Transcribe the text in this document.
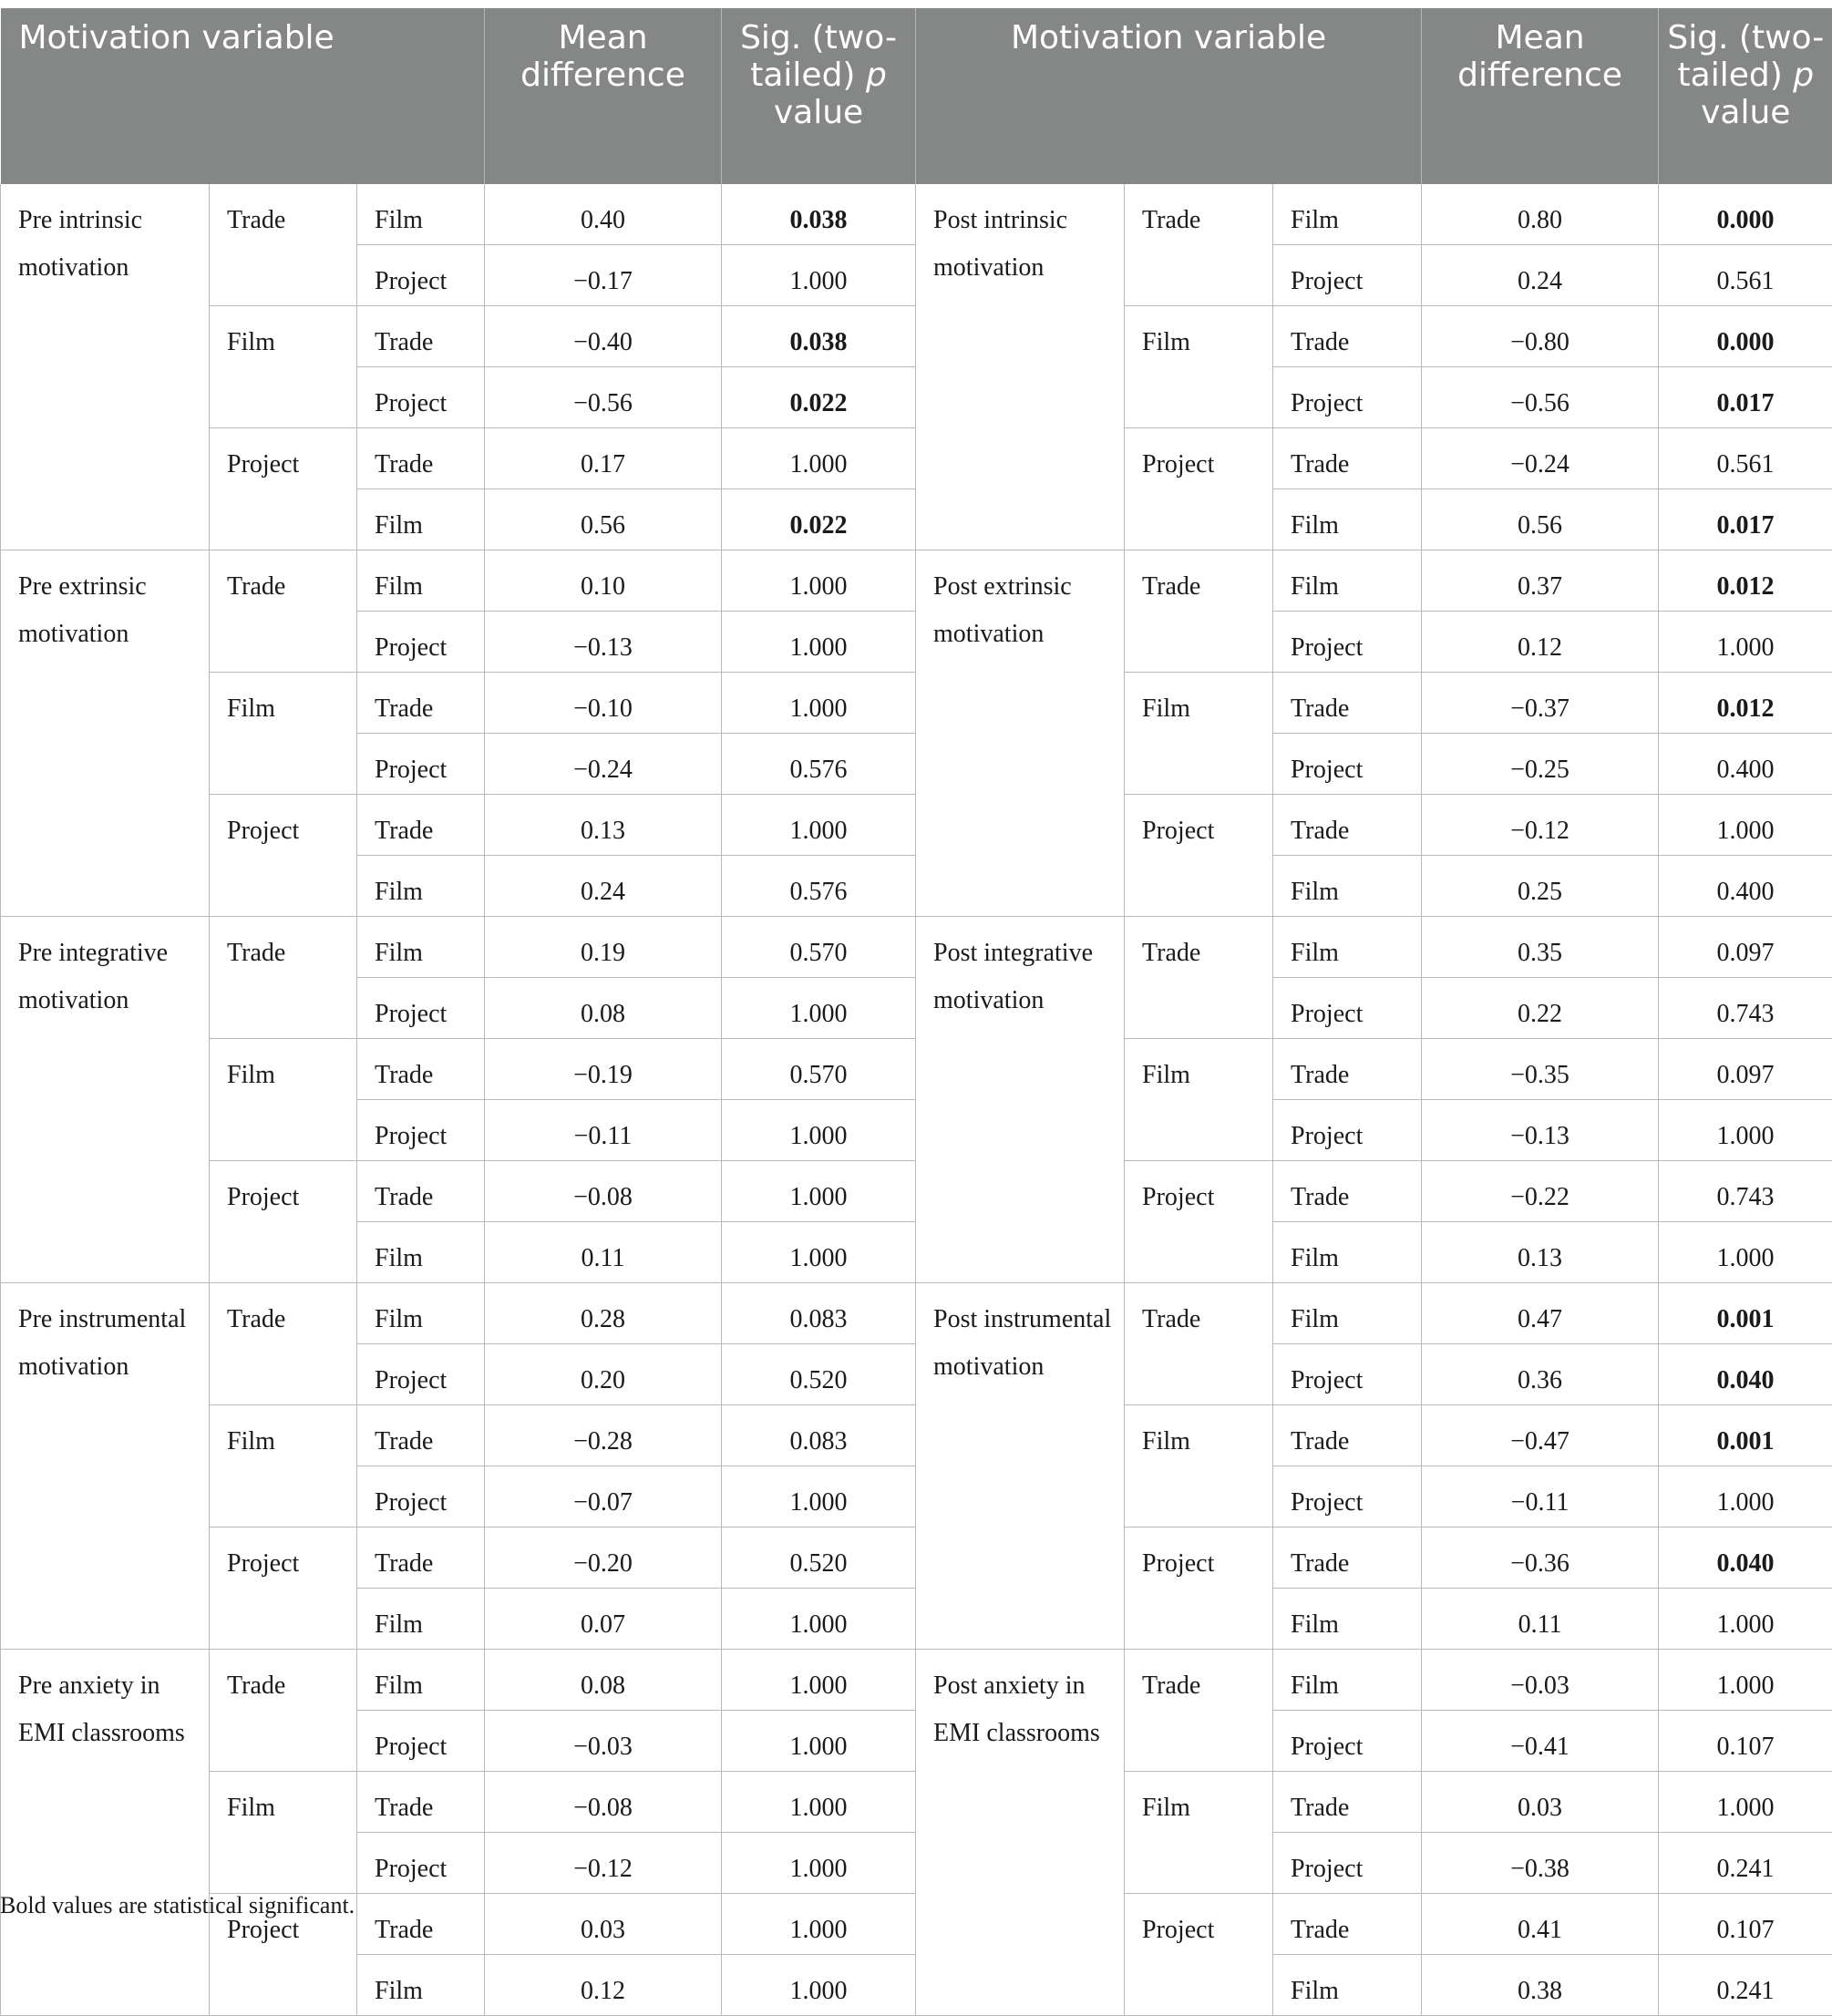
Motivation variable			Mean difference	Sig. (two-tailed) p value	Motivation variable			Mean difference	Sig. (two-tailed) p value
Pre intrinsic motivation	Trade	Film	0.40	0.038	Post intrinsic motivation	Trade	Film	0.80	0.000
		Project	−0.17	1.000			Project	0.24	0.561
	Film	Trade	−0.40	0.038		Film	Trade	−0.80	0.000
		Project	−0.56	0.022			Project	−0.56	0.017
	Project	Trade	0.17	1.000		Project	Trade	−0.24	0.561
		Film	0.56	0.022			Film	0.56	0.017
Pre extrinsic motivation	Trade	Film	0.10	1.000	Post extrinsic motivation	Trade	Film	0.37	0.012
		Project	−0.13	1.000			Project	0.12	1.000
	Film	Trade	−0.10	1.000		Film	Trade	−0.37	0.012
		Project	−0.24	0.576			Project	−0.25	0.400
	Project	Trade	0.13	1.000		Project	Trade	−0.12	1.000
		Film	0.24	0.576			Film	0.25	0.400
Pre integrative motivation	Trade	Film	0.19	0.570	Post integrative motivation	Trade	Film	0.35	0.097
		Project	0.08	1.000			Project	0.22	0.743
	Film	Trade	−0.19	0.570		Film	Trade	−0.35	0.097
		Project	−0.11	1.000			Project	−0.13	1.000
	Project	Trade	−0.08	1.000		Project	Trade	−0.22	0.743
		Film	0.11	1.000			Film	0.13	1.000
Pre instrumental motivation	Trade	Film	0.28	0.083	Post instrumental motivation	Trade	Film	0.47	0.001
		Project	0.20	0.520			Project	0.36	0.040
	Film	Trade	−0.28	0.083		Film	Trade	−0.47	0.001
		Project	−0.07	1.000			Project	−0.11	1.000
	Project	Trade	−0.20	0.520		Project	Trade	−0.36	0.040
		Film	0.07	1.000			Film	0.11	1.000
Pre anxiety in EMI classrooms	Trade	Film	0.08	1.000	Post anxiety in EMI classrooms	Trade	Film	−0.03	1.000
		Project	−0.03	1.000			Project	−0.41	0.107
	Film	Trade	−0.08	1.000		Film	Trade	0.03	1.000
		Project	−0.12	1.000			Project	−0.38	0.241
	Project	Trade	0.03	1.000		Project	Trade	0.41	0.107
		Film	0.12	1.000			Film	0.38	0.241
Bold values are statistical significant.
